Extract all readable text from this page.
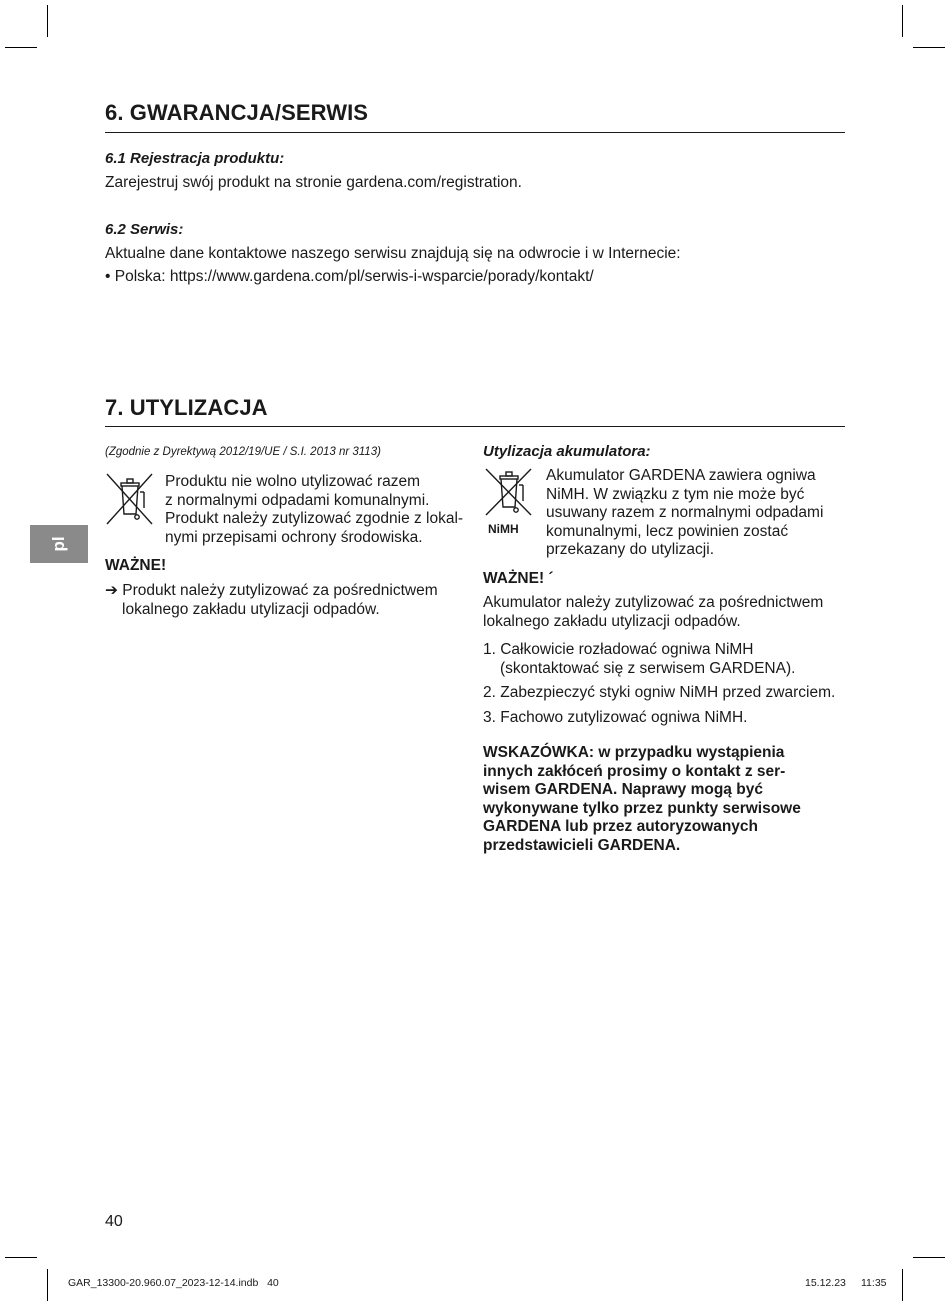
6. GWARANCJA/SERWIS
6.1 Rejestracja produktu:
Zarejestruj swój produkt na stronie gardena.com/registration.
6.2 Serwis:
Aktualne dane kontaktowe naszego serwisu znajdują się na odwrocie i w Internecie:
• Polska: https://www.gardena.com/pl/serwis-i-wsparcie/porady/kontakt/
7. UTYLIZACJA
pl
(Zgodnie z Dyrektywą 2012/19/UE / S.I. 2013 nr 3113)
Produktu nie wolno utylizować razem
z normalnymi odpadami komunalnymi.
Produkt należy zutylizować zgodnie z lokal-
nymi przepisami ochrony środowiska.
WAŻNE!
➔ Produkt należy zutylizować za pośrednictwem
lokalnego zakładu utylizacji odpadów.
Utylizacja akumulatora:
NiMH
Akumulator GARDENA zawiera ogniwa
NiMH. W związku z tym nie może być
usuwany razem z normalnymi odpadami
komunalnymi, lecz powinien zostać
przekazany do utylizacji.
WAŻNE! ´
Akumulator należy zutylizować za pośrednictwem
lokalnego zakładu utylizacji odpadów.
1. Całkowicie rozładować ogniwa NiMH
(skontaktować się z serwisem GARDENA).
2. Zabezpieczyć styki ogniw NiMH przed zwarciem.
3. Fachowo zutylizować ogniwa NiMH.
WSKAZÓWKA: w przypadku wystąpienia
innych zakłóceń prosimy o kontakt z ser-
wisem GARDENA. Naprawy mogą być
wykonywane tylko przez punkty serwisowe
GARDENA lub przez autoryzowanych
przedstawicieli GARDENA.
40
GAR_13300-20.960.07_2023-12-14.indb   40	15.12.23 11:35
